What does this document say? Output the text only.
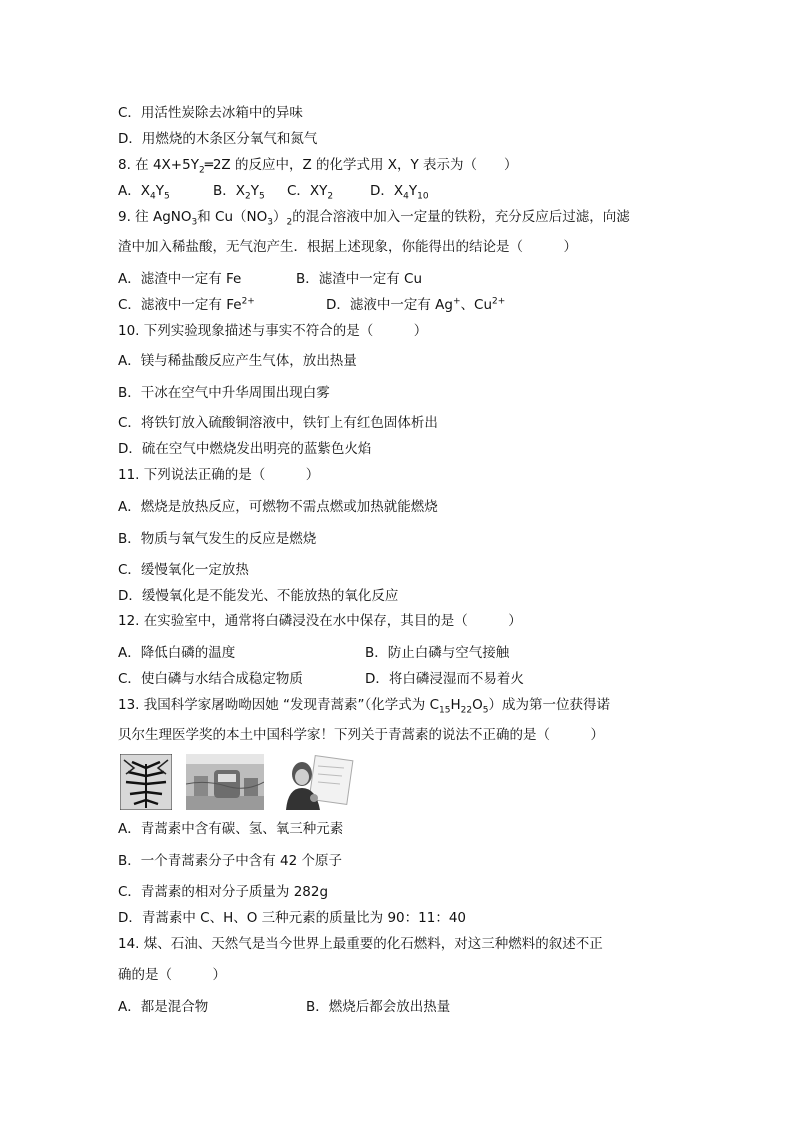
C．用活性炭除去冰箱中的异味
D．用燃烧的木条区分氧气和氮气
8. 在 $4X+5Y_2═2Z$ 的反应中，Z 的化学式用 X，Y 表示为（　　）
A．$X_4Y_5$	B．$X_2Y_5$ C．$XY_2$	D．$X_4Y_{10}$
9. 往 AgNO$_3$和 $Cu(NO_3)_2$的混合溶液中加入一定量的铁粉，充分反应后过滤，向滤
渣中加入稀盐酸，无气泡产生．根据上述现象，你能得出的结论是（　　　）
A．滤渣中一定有 Fe	B．滤渣中一定有 Cu
C．滤液中一定有 $Fe^{2+}$	D．滤液中一定有 Ag+、$Cu^{2+}$
10. 下列实验现象描述与事实不符合的是（　　　）
A．镁与稀盐酸反应产生气体，放出热量
B．干冰在空气中升华周围出现白雾
C．将铁钉放入硫酸铜溶液中，铁钉上有红色固体析出
D．硫在空气中燃烧发出明亮的蓝紫色火焰
11. 下列说法正确的是（　　　）
A．燃烧是放热反应，可燃物不需点燃或加热就能燃烧
B．物质与氧气发生的反应是燃烧
C．缓慢氧化一定放热
D．缓慢氧化是不能发光、不能放热的氧化反应
12. 在实验室中，通常将白磷浸没在水中保存，其目的是（　　　）
A．降低白磷的温度	B．防止白磷与空气接触
C．使白磷与水结合成稳定物质	D．将白磷浸湿而不易着火
13. 我国科学家屠呦呦因她 “发现青蒿素”（化学式为 $C_{15}H_{22}O_5$）成为第一位获得诺
贝尔生理医学奖的本土中国科学家！下列关于青蒿素的说法不正确的是（　　　）
A．青蒿素中含有碳、氢、氧三种元素
B．一个青蒿素分子中含有 42 个原子
C．青蒿素的相对分子质量为 282g
D．青蒿素中 C、H、O 三种元素的质量比为 90：11：40
14. 煤、石油、天然气是当今世界上最重要的化石燃料，对这三种燃料的叙述不正
确的是（　　　）
A．都是混合物	B．燃烧后都会放出热量
